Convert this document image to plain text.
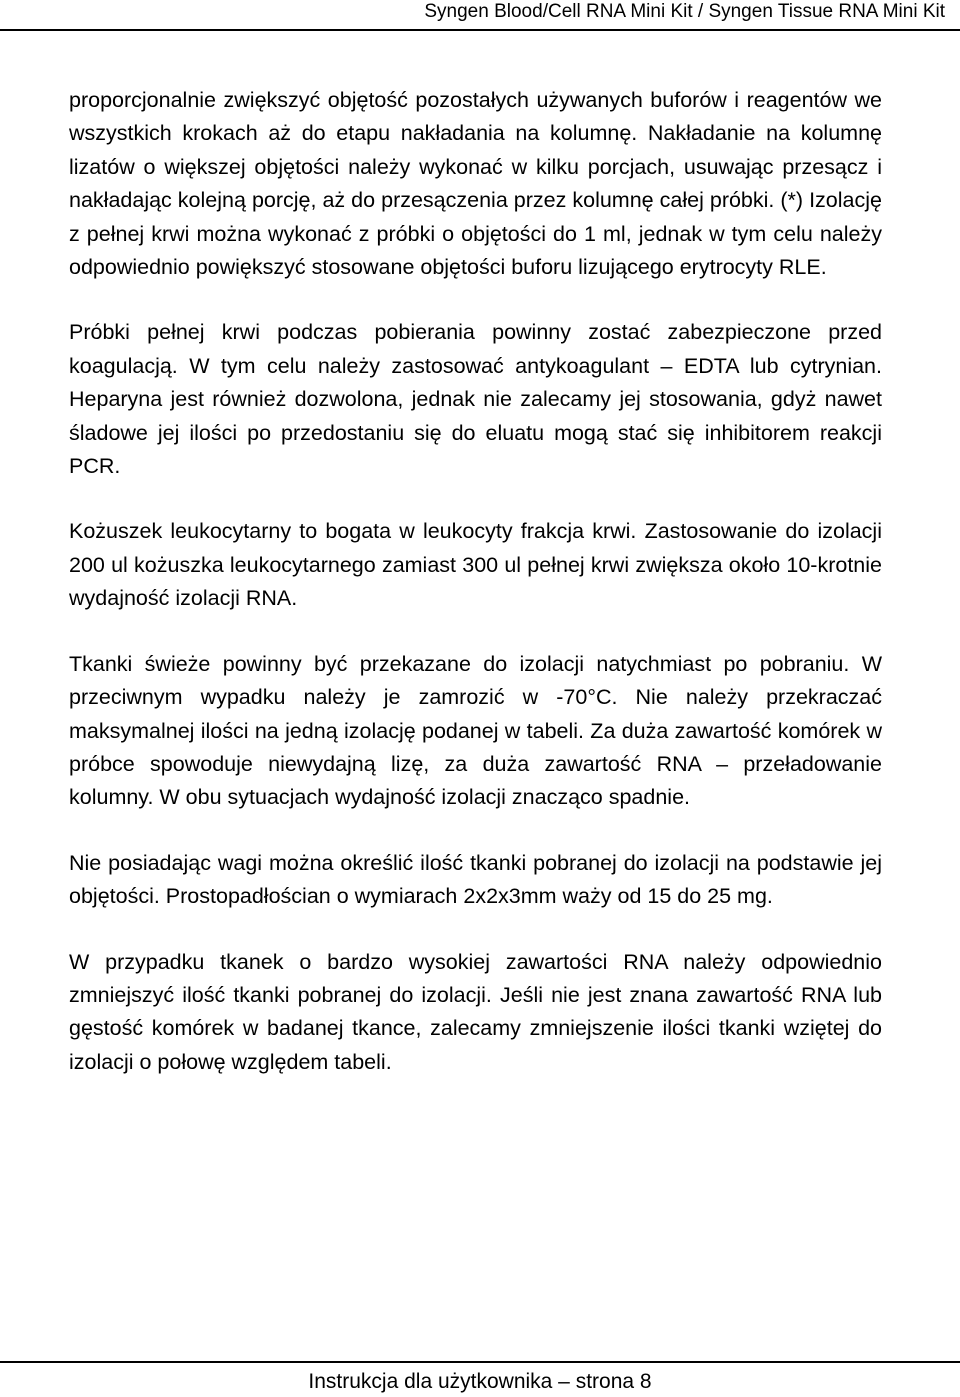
Syngen Blood/Cell RNA Mini Kit / Syngen Tissue RNA Mini Kit

proporcjonalnie zwiększyć objętość pozostałych używanych buforów i reagentów we wszystkich krokach aż do etapu nakładania na kolumnę. Nakładanie na kolumnę lizatów o większej objętości należy wykonać w kilku porcjach, usuwając przesącz i nakładając kolejną porcję, aż do przesączenia przez kolumnę całej próbki. (*) Izolację z pełnej krwi można wykonać z próbki o objętości do 1 ml, jednak w tym celu należy odpowiednio powiększyć stosowane objętości buforu lizującego erytrocyty RLE.

Próbki pełnej krwi podczas pobierania powinny zostać zabezpieczone przed koagulacją. W tym celu należy zastosować antykoagulant – EDTA lub cytrynian. Heparyna jest również dozwolona, jednak nie zalecamy jej stosowania, gdyż nawet śladowe jej ilości po przedostaniu się do eluatu mogą stać się inhibitorem reakcji PCR.

Kożuszek leukocytarny to bogata w leukocyty frakcja krwi. Zastosowanie do izolacji 200 ul kożuszka leukocytarnego zamiast 300 ul pełnej krwi zwiększa około 10-krotnie wydajność izolacji RNA.

Tkanki świeże powinny być przekazane do izolacji natychmiast po pobraniu. W przeciwnym wypadku należy je zamrozić w -70°C. Nie należy przekraczać maksymalnej ilości na jedną izolację podanej w tabeli. Za duża zawartość komórek w próbce spowoduje niewydajną lizę, za duża zawartość RNA – przeładowanie kolumny. W obu sytuacjach wydajność izolacji znacząco spadnie.

Nie posiadając wagi można określić ilość tkanki pobranej do izolacji na podstawie jej objętości. Prostopadłościan o wymiarach 2x2x3mm waży od 15 do 25 mg.

W przypadku tkanek o bardzo wysokiej zawartości RNA należy odpowiednio zmniejszyć ilość tkanki pobranej do izolacji. Jeśli nie jest znana zawartość RNA lub gęstość komórek w badanej tkance, zalecamy zmniejszenie ilości tkanki wziętej do izolacji o połowę względem tabeli.

Instrukcja dla użytkownika – strona 8
